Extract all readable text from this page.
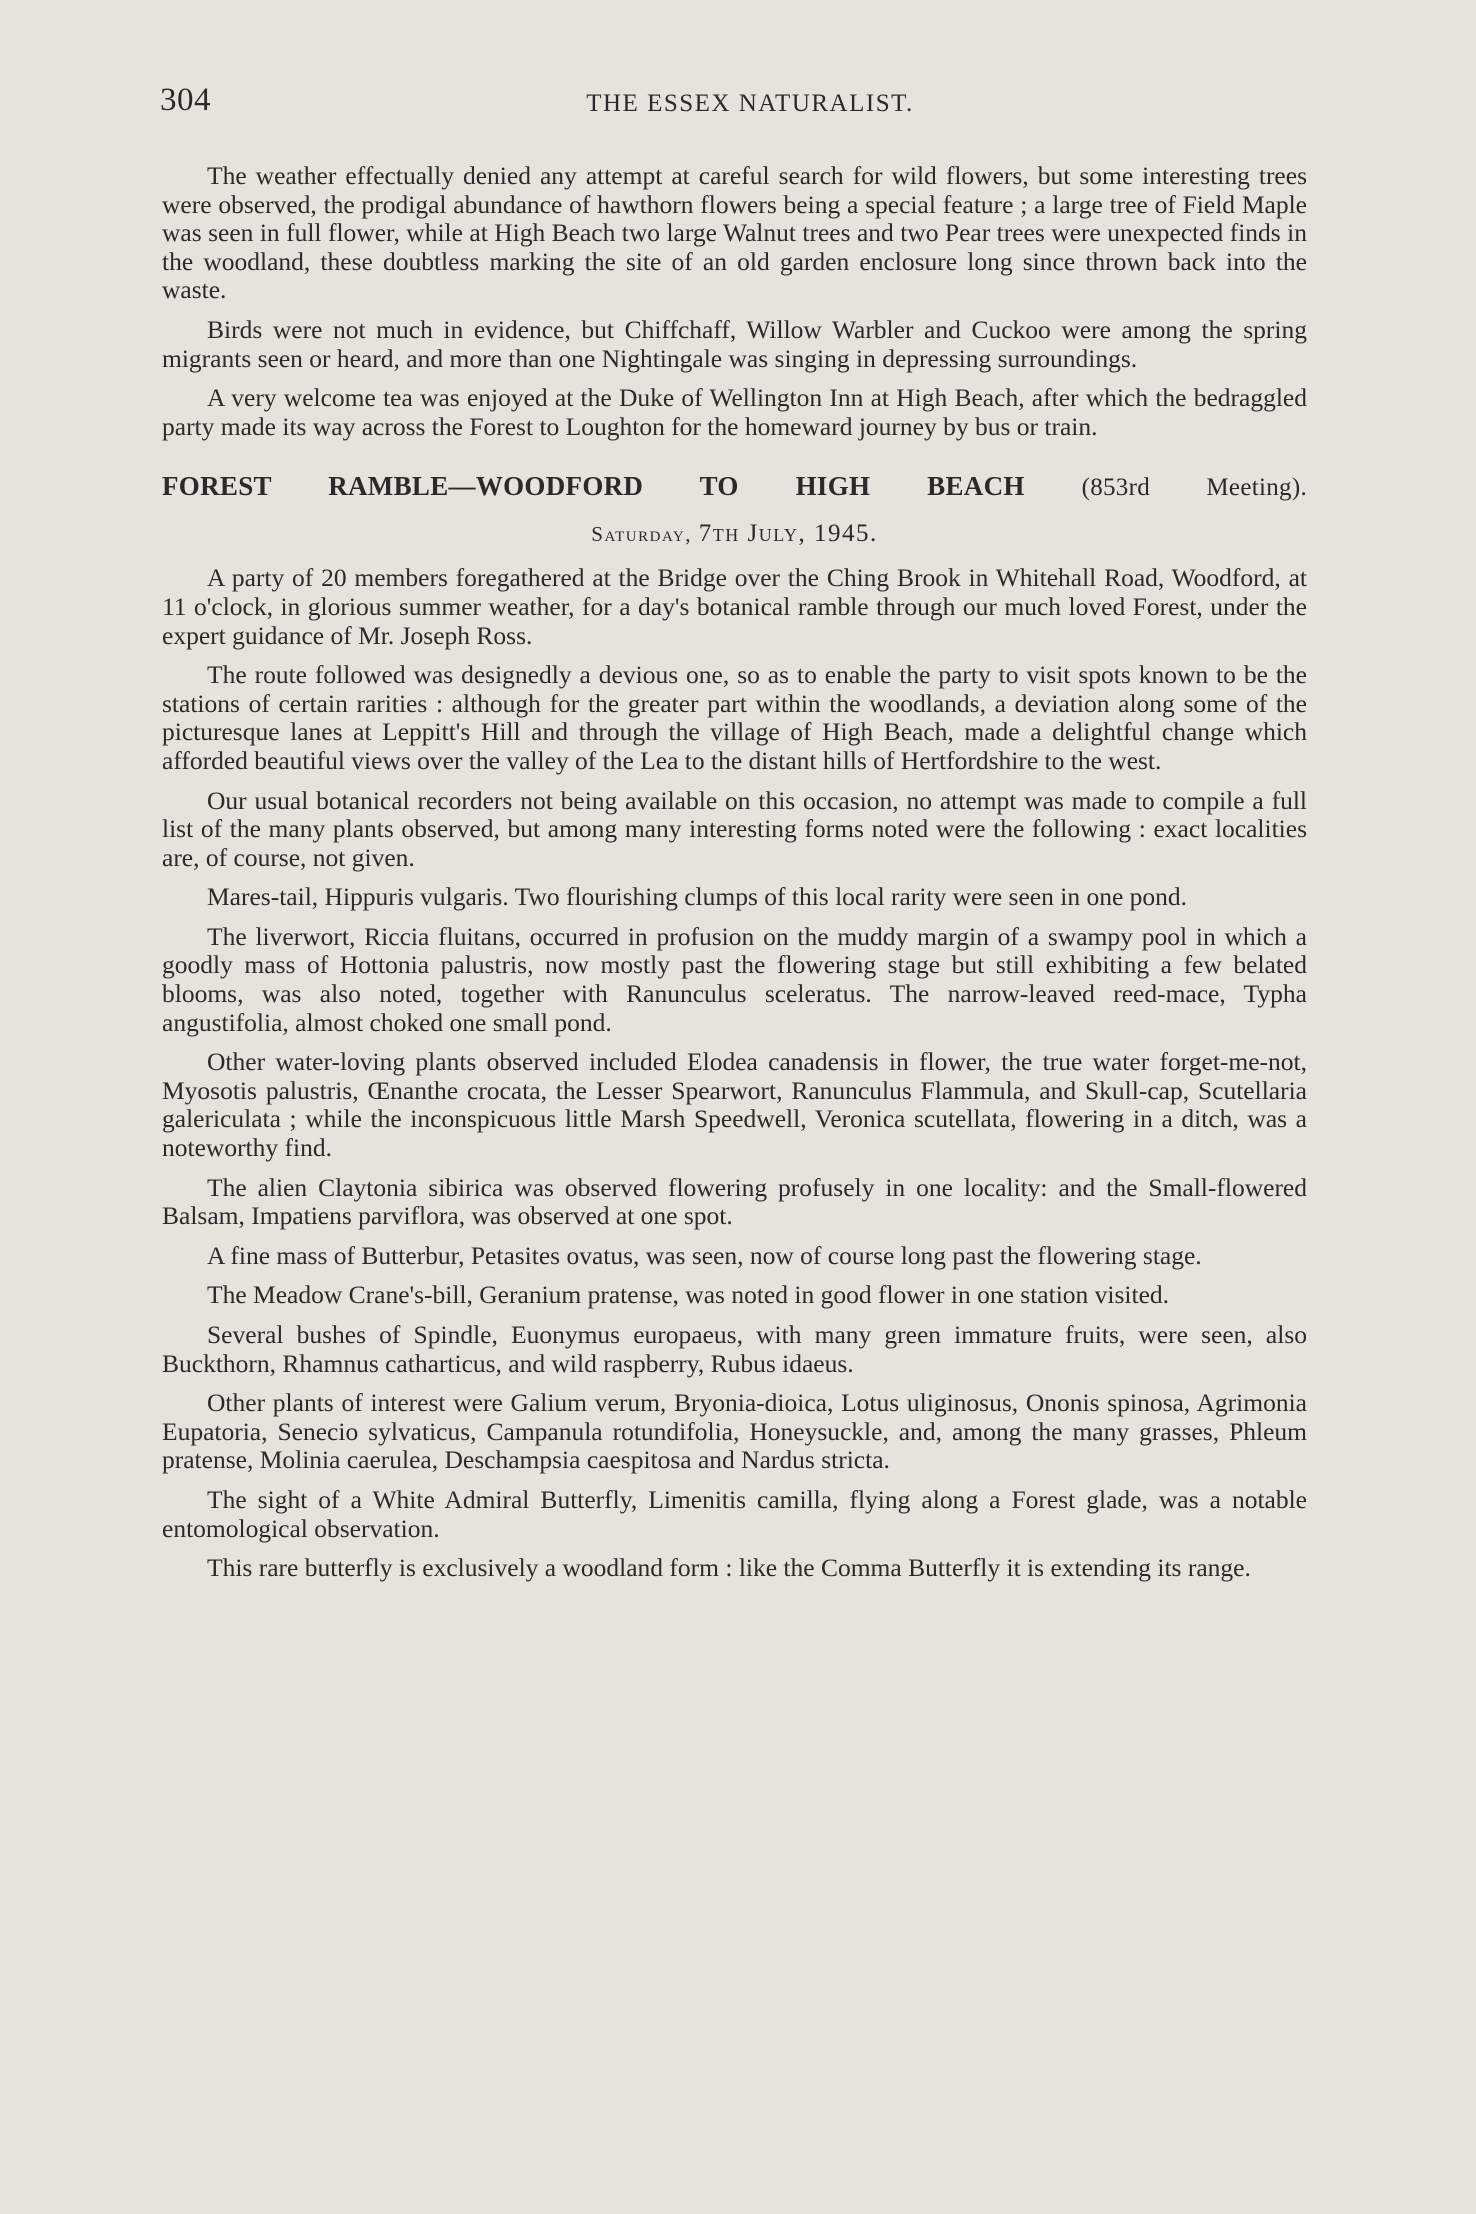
304	THE ESSEX NATURALIST.

The weather effectually denied any attempt at careful search for wild flowers, but some interesting trees were observed, the prodigal abundance of hawthorn flowers being a special feature ; a large tree of Field Maple was seen in full flower, while at High Beach two large Walnut trees and two Pear trees were unexpected finds in the woodland, these doubtless marking the site of an old garden enclosure long since thrown back into the waste.

Birds were not much in evidence, but Chiffchaff, Willow Warbler and Cuckoo were among the spring migrants seen or heard, and more than one Nightingale was singing in depressing surroundings.

A very welcome tea was enjoyed at the Duke of Wellington Inn at High Beach, after which the bedraggled party made its way across the Forest to Loughton for the homeward journey by bus or train.

FOREST RAMBLE—WOODFORD TO HIGH BEACH (853rd Meeting).
Saturday, 7th July, 1945.

A party of 20 members foregathered at the Bridge over the Ching Brook in Whitehall Road, Woodford, at 11 o'clock, in glorious summer weather, for a day's botanical ramble through our much loved Forest, under the expert guidance of Mr. Joseph Ross.

The route followed was designedly a devious one, so as to enable the party to visit spots known to be the stations of certain rarities : although for the greater part within the woodlands, a deviation along some of the picturesque lanes at Leppitt's Hill and through the village of High Beach, made a delightful change which afforded beautiful views over the valley of the Lea to the distant hills of Hertfordshire to the west.

Our usual botanical recorders not being available on this occasion, no attempt was made to compile a full list of the many plants observed, but among many interesting forms noted were the following : exact localities are, of course, not given.

Mares-tail, Hippuris vulgaris. Two flourishing clumps of this local rarity were seen in one pond.

The liverwort, Riccia fluitans, occurred in profusion on the muddy margin of a swampy pool in which a goodly mass of Hottonia palustris, now mostly past the flowering stage but still exhibiting a few belated blooms, was also noted, together with Ranunculus sceleratus. The narrow-leaved reed-mace, Typha angustifolia, almost choked one small pond.

Other water-loving plants observed included Elodea canadensis in flower, the true water forget-me-not, Myosotis palustris, Œnanthe crocata, the Lesser Spearwort, Ranunculus Flammula, and Skull-cap, Scutellaria galericulata ; while the inconspicuous little Marsh Speedwell, Veronica scutellata, flowering in a ditch, was a noteworthy find.

The alien Claytonia sibirica was observed flowering profusely in one locality: and the Small-flowered Balsam, Impatiens parviflora, was observed at one spot.

A fine mass of Butterbur, Petasites ovatus, was seen, now of course long past the flowering stage.

The Meadow Crane's-bill, Geranium pratense, was noted in good flower in one station visited.

Several bushes of Spindle, Euonymus europaeus, with many green immature fruits, were seen, also Buckthorn, Rhamnus catharticus, and wild raspberry, Rubus idaeus.

Other plants of interest were Galium verum, Bryonia-dioica, Lotus uliginosus, Ononis spinosa, Agrimonia Eupatoria, Senecio sylvaticus, Campanula rotundifolia, Honeysuckle, and, among the many grasses, Phleum pratense, Molinia caerulea, Deschampsia caespitosa and Nardus stricta.

The sight of a White Admiral Butterfly, Limenitis camilla, flying along a Forest glade, was a notable entomological observation.

This rare butterfly is exclusively a woodland form : like the Comma Butterfly it is extending its range.
